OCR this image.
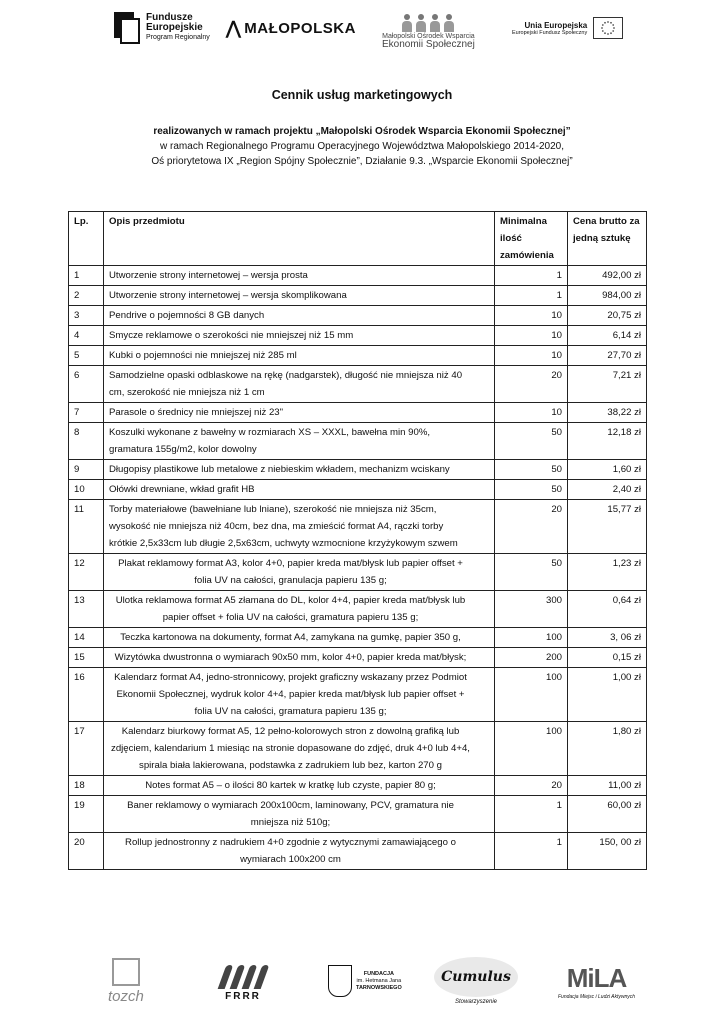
Fundusze
Europejskie
Program Regionalny ⋀ MAŁOPOLSKA	Małopolski Ośrodek Wsparcia
Ekonomii Społecznej
Unia Europejska
Europejski Fundusz Społeczny
Cennik usług marketingowych
realizowanych w ramach projektu „Małopolski Ośrodek Wsparcia Ekonomii Społecznej”
w ramach Regionalnego Programu Operacyjnego Województwa Małopolskiego 2014-2020,
Oś priorytetowa IX „Region Spójny Społecznie”, Działanie 9.3. „Wsparcie Ekonomii Społecznej”
Lp.	Opis przedmiotu	Minimalna ilość zamówienia	Cena brutto za jedną sztukę
1	Utworzenie strony internetowej – wersja prosta	1	492,00 zł
2	Utworzenie strony internetowej – wersja skomplikowana	1	984,00 zł
3	Pendrive o pojemności 8 GB danych	10	20,75 zł
4	Smycze reklamowe o szerokości nie mniejszej niż 15 mm	10	6,14 zł
5	Kubki o pojemności nie mniejszej niż 285 ml	10	27,70 zł
6	Samodzielne opaski odblaskowe na rękę (nadgarstek), długość nie mniejsza niż 40 cm, szerokość nie mniejsza niż 1 cm	20	7,21 zł
7	Parasole o średnicy nie mniejszej niż 23"	10	38,22 zł
8	Koszulki wykonane z bawełny w rozmiarach XS – XXXL, bawełna min 90%, gramatura 155g/m2, kolor dowolny	50	12,18 zł
9	Długopisy plastikowe lub metalowe z niebieskim wkładem, mechanizm wciskany	50	1,60 zł
10	Ołówki drewniane, wkład grafit HB	50	2,40 zł
11	Torby materiałowe (bawełniane lub lniane), szerokość nie mniejsza niż 35cm, wysokość nie mniejsza niż 40cm, bez dna, ma zmieścić format A4, rączki torby krótkie 2,5x33cm lub długie 2,5x63cm, uchwyty wzmocnione krzyżykowym szwem	20	15,77 zł
12	Plakat reklamowy format A3, kolor 4+0, papier kreda mat/błysk lub papier offset + folia UV na całości, granulacja papieru 135 g;	50	1,23 zł
13	Ulotka reklamowa format A5 złamana do DL, kolor 4+4, papier kreda mat/błysk lub papier offset + folia UV na całości, gramatura papieru 135 g;	300	0,64 zł
14	Teczka kartonowa na dokumenty, format A4, zamykana na gumkę, papier 350 g,	100	3, 06 zł
15	Wizytówka dwustronna o wymiarach 90x50 mm, kolor 4+0, papier kreda mat/błysk;	200	0,15 zł
16	Kalendarz format A4, jedno-stronnicowy, projekt graficzny wskazany przez Podmiot Ekonomii Społecznej, wydruk kolor 4+4, papier kreda mat/błysk lub papier offset + folia UV na całości, gramatura papieru 135 g;	100	1,00 zł
17	Kalendarz biurkowy format A5, 12 pełno-kolorowych stron z dowolną grafiką lub zdjęciem, kalendarium 1 miesiąc na stronie dopasowane do zdjęć, druk 4+0 lub 4+4, spirala biała lakierowana, podstawka z zadrukiem lub bez, karton 270 g	100	1,80 zł
18	Notes format A5 – o ilości 80 kartek w kratkę lub czyste, papier 80 g;	20	11,00 zł
19	Baner reklamowy o wymiarach 200x100cm, laminowany, PCV, gramatura nie mniejsza niż 510g;	1	60,00 zł
20	Rollup jednostronny z nadrukiem 4+0 zgodnie z wytycznymi zamawiającego o wymiarach 100x200 cm	1	150, 00 zł
tozch	FRRR
FUNDACJA
im. Hetmana Jana
TARNOWSKIEGO
Cumulus
Stowarzyszenie
MiLA
Fundacja Miejsc i Ludzi Aktywnych
